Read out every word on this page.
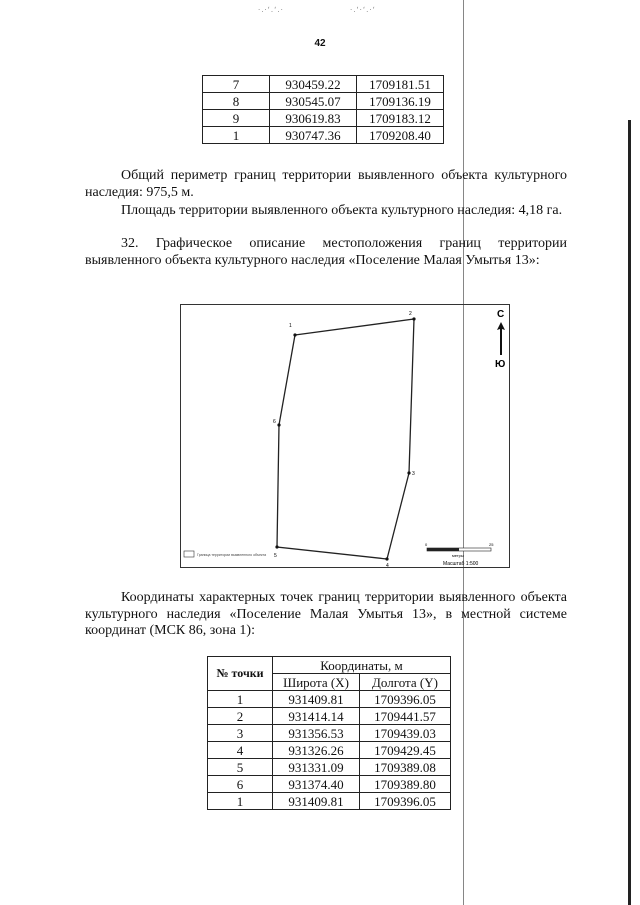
·.·ʻ.ʻ.·	·.ʻ·ʻ.·ʻ
42
7	930459.22	1709181.51
8	930545.07	1709136.19
9	930619.83	1709183.12
1	930747.36	1709208.40

Общий периметр границ территории выявленного объекта культурного наследия: 975,5 м.

Площадь территории выявленного объекта культурного наследия: 4,18 га.

32. Графическое описание местоположения границ территории выявленного объекта культурного наследия «Поселение Малая Умытья 13»:

1
2
3
4
5
6
С
Ю
0	25
метры
Масштаб 1:500
Граница территории выявленного объекта

Координаты характерных точек границ территории выявленного объекта культурного наследия «Поселение Малая Умытья 13», в местной системе координат (МСК 86, зона 1):

№ точки	Координаты, м	
	Широта (X)	Долгота (Y)
1	931409.81	1709396.05
2	931414.14	1709441.57
3	931356.53	1709439.03
4	931326.26	1709429.45
5	931331.09	1709389.08
6	931374.40	1709389.80
1	931409.81	1709396.05
